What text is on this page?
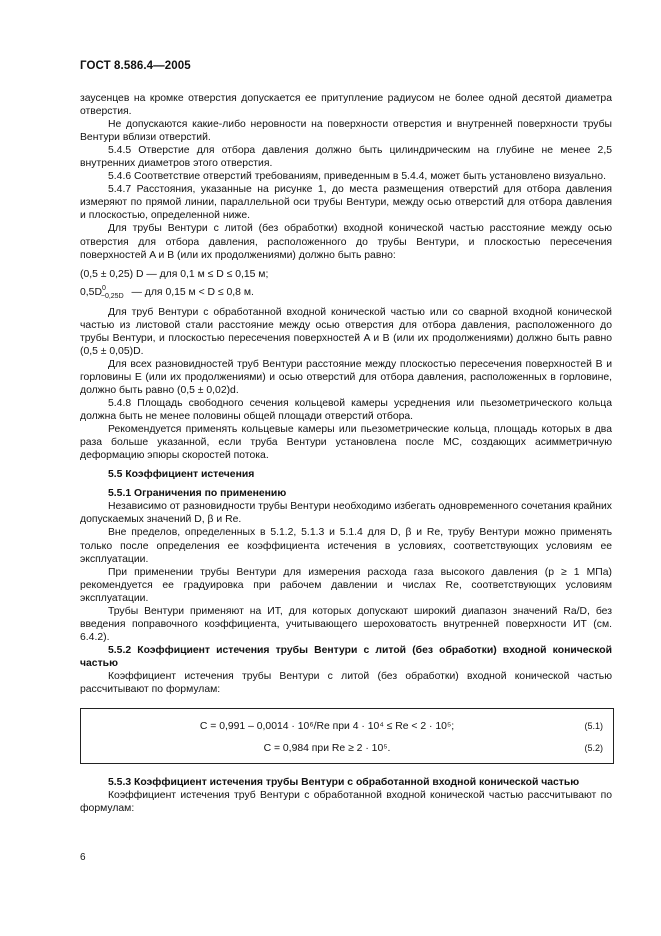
ГОСТ 8.586.4—2005

заусенцев на кромке отверстия допускается ее притупление радиусом не более одной десятой диаметра отверстия.

Не допускаются какие-либо неровности на поверхности отверстия и внутренней поверхности трубы Вентури вблизи отверстий.

5.4.5 Отверстие для отбора давления должно быть цилиндрическим на глубине не менее 2,5 внутренних диаметров этого отверстия.

5.4.6 Соответствие отверстий требованиям, приведенным в 5.4.4, может быть установлено визуально.

5.4.7 Расстояния, указанные на рисунке 1, до места размещения отверстий для отбора давления измеряют по прямой линии, параллельной оси трубы Вентури, между осью отверстий для отбора давления и плоскостью, определенной ниже.

Для трубы Вентури с литой (без обработки) входной конической частью расстояние между осью отверстия для отбора давления, расположенного до трубы Вентури, и плоскостью пересечения поверхностей A и B (или их продолжениями) должно быть равно:

(0,5 ± 0,25) D — для 0,1 м ≤ D ≤ 0,15 м;

$0,5D^0_{-0,25D}$ — для 0,15 м < D ≤ 0,8 м.

Для труб Вентури с обработанной входной конической частью или со сварной входной конической частью из листовой стали расстояние между осью отверстия для отбора давления, расположенного до трубы Вентури, и плоскостью пересечения поверхностей A и B (или их продолжениями) должно быть равно (0,5 ± 0,05)D.

Для всех разновидностей труб Вентури расстояние между плоскостью пересечения поверхностей B и горловины E (или их продолжениями) и осью отверстий для отбора давления, расположенных в горловине, должно быть равно (0,5 ± 0,02)d.

5.4.8 Площадь свободного сечения кольцевой камеры усреднения или пьезометрического кольца должна быть не менее половины общей площади отверстий отбора.

Рекомендуется применять кольцевые камеры или пьезометрические кольца, площадь которых в два раза больше указанной, если труба Вентури установлена после МС, создающих асимметричную деформацию эпюры скоростей потока.

5.5 Коэффициент истечения

5.5.1 Ограничения по применению

Независимо от разновидности трубы Вентури необходимо избегать одновременного сочетания крайних допускаемых значений D, β и Re.

Вне пределов, определенных в 5.1.2, 5.1.3 и 5.1.4 для D, β и Re, трубу Вентури можно применять только после определения ее коэффициента истечения в условиях, соответствующих условиям ее эксплуатации.

При применении трубы Вентури для измерения расхода газа высокого давления (p ≥ 1 МПа) рекомендуется ее градуировка при рабочем давлении и числах Re, соответствующих условиям эксплуатации.

Трубы Вентури применяют на ИТ, для которых допускают широкий диапазон значений Ra/D, без введения поправочного коэффициента, учитывающего шероховатость внутренней поверхности ИТ (см. 6.4.2).

5.5.2 Коэффициент истечения трубы Вентури с литой (без обработки) входной конической частью

Коэффициент истечения трубы Вентури с литой (без обработки) входной конической частью рассчитывают по формулам:

C = 0,991 – 0,0014 · 10⁶/Re при 4 · 10⁴ ≤ Re < 2 · 10⁵;	(5.1)
C = 0,984 при Re ≥ 2 · 10⁵.	(5.2)

5.5.3 Коэффициент истечения трубы Вентури с обработанной входной конической частью

Коэффициент истечения труб Вентури с обработанной входной конической частью рассчитывают по формулам:

6
